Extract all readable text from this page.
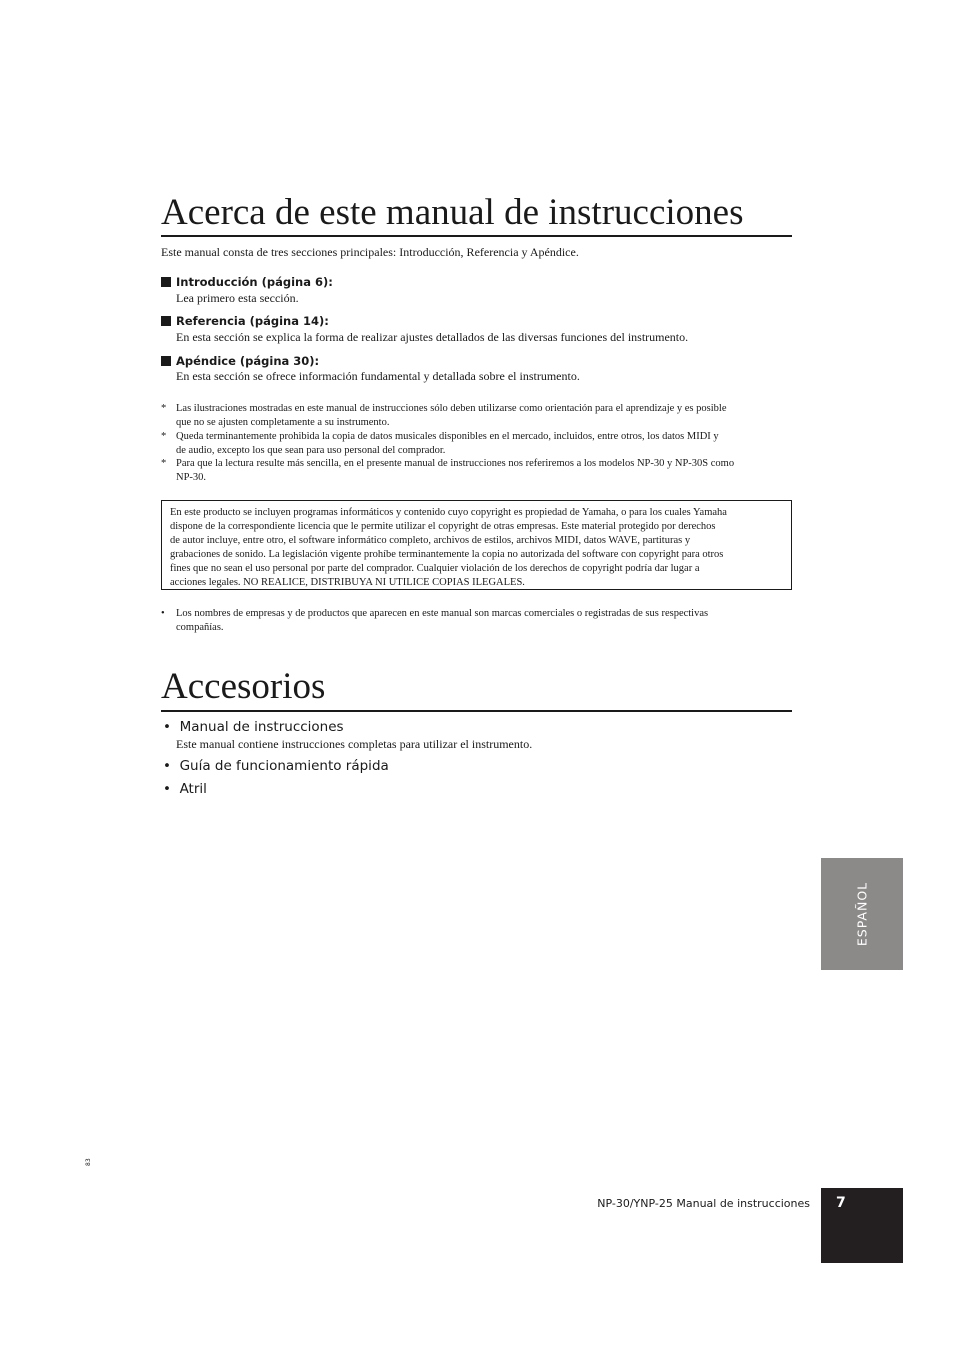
Acerca de este manual de instrucciones
Este manual consta de tres secciones principales: Introducción, Referencia y Apéndice.
Introducción (página 6):
Lea primero esta sección.
Referencia (página 14):
En esta sección se explica la forma de realizar ajustes detallados de las diversas funciones del instrumento.
Apéndice (página 30):
En esta sección se ofrece información fundamental y detallada sobre el instrumento.
* Las ilustraciones mostradas en este manual de instrucciones sólo deben utilizarse como orientación para el aprendizaje y es posible
que no se ajusten completamente a su instrumento.
* Queda terminantemente prohibida la copia de datos musicales disponibles en el mercado, incluidos, entre otros, los datos MIDI y
de audio, excepto los que sean para uso personal del comprador.
* Para que la lectura resulte más sencilla, en el presente manual de instrucciones nos referiremos a los modelos NP-30 y NP-30S como
NP-30.
En este producto se incluyen programas informáticos y contenido cuyo copyright es propiedad de Yamaha, o para los cuales Yamaha
dispone de la correspondiente licencia que le permite utilizar el copyright de otras empresas. Este material protegido por derechos
de autor incluye, entre otro, el software informático completo, archivos de estilos, archivos MIDI, datos WAVE, partituras y
grabaciones de sonido. La legislación vigente prohíbe terminantemente la copia no autorizada del software con copyright para otros
fines que no sean el uso personal por parte del comprador. Cualquier violación de los derechos de copyright podría dar lugar a
acciones legales. NO REALICE, DISTRIBUYA NI UTILICE COPIAS ILEGALES.
• Los nombres de empresas y de productos que aparecen en este manual son marcas comerciales o registradas de sus respectivas
compañías.
Accesorios
• Manual de instrucciones
Este manual contiene instrucciones completas para utilizar el instrumento.
• Guía de funcionamiento rápida
• Atril
ESPAÑOL
83
NP-30/YNP-25 Manual de instrucciones 7
